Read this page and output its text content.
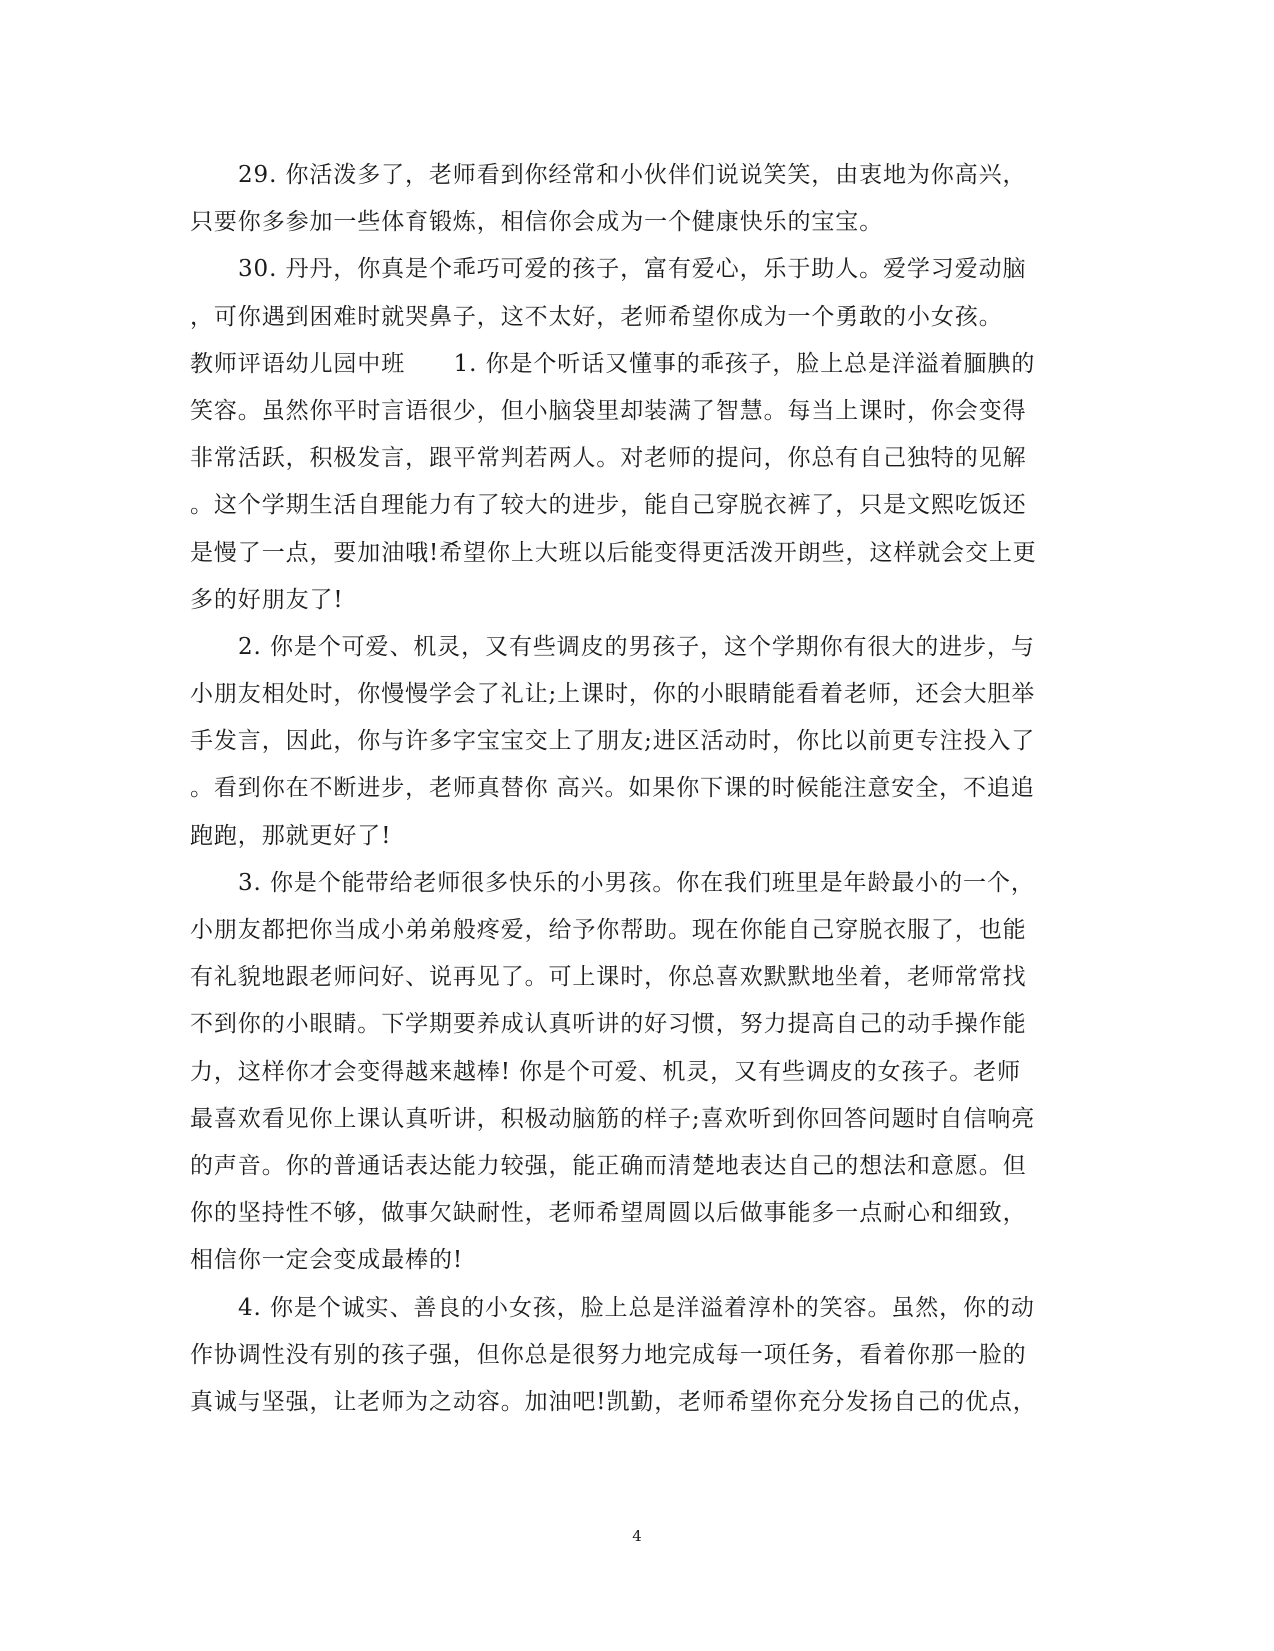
29. 你活泼多了，老师看到你经常和小伙伴们说说笑笑，由衷地为你高兴，
只要你多参加一些体育锻炼，相信你会成为一个健康快乐的宝宝。
30. 丹丹，你真是个乖巧可爱的孩子，富有爱心，乐于助人。爱学习爱动脑
，可你遇到困难时就哭鼻子，这不太好，老师希望你成为一个勇敢的小女孩。
教师评语幼儿园中班 　  1. 你是个听话又懂事的乖孩子，脸上总是洋溢着腼腆的
笑容。虽然你平时言语很少，但小脑袋里却装满了智慧。每当上课时，你会变得
非常活跃，积极发言，跟平常判若两人。对老师的提问，你总有自己独特的见解
。这个学期生活自理能力有了较大的进步，能自己穿脱衣裤了，只是文熙吃饭还
是慢了一点，要加油哦!希望你上大班以后能变得更活泼开朗些，这样就会交上更
多的好朋友了!
2. 你是个可爱、机灵，又有些调皮的男孩子，这个学期你有很大的进步，与
小朋友相处时，你慢慢学会了礼让;上课时，你的小眼睛能看着老师，还会大胆举
手发言，因此，你与许多字宝宝交上了朋友;进区活动时，你比以前更专注投入了
。看到你在不断进步，老师真替你 高兴。如果你下课的时候能注意安全，不追追
跑跑，那就更好了!
3. 你是个能带给老师很多快乐的小男孩。你在我们班里是年龄最小的一个，
小朋友都把你当成小弟弟般疼爱，给予你帮助。现在你能自己穿脱衣服了，也能
有礼貌地跟老师问好、说再见了。可上课时，你总喜欢默默地坐着，老师常常找
不到你的小眼睛。下学期要养成认真听讲的好习惯，努力提高自己的动手操作能
力，这样你才会变得越来越棒! 你是个可爱、机灵，又有些调皮的女孩子。老师
最喜欢看见你上课认真听讲，积极动脑筋的样子;喜欢听到你回答问题时自信响亮
的声音。你的普通话表达能力较强，能正确而清楚地表达自己的想法和意愿。但
你的坚持性不够，做事欠缺耐性，老师希望周圆以后做事能多一点耐心和细致，
相信你一定会变成最棒的!
4. 你是个诚实、善良的小女孩，脸上总是洋溢着淳朴的笑容。虽然，你的动
作协调性没有别的孩子强，但你总是很努力地完成每一项任务，看着你那一脸的
真诚与坚强，让老师为之动容。加油吧!凯勤，老师希望你充分发扬自己的优点，
4
